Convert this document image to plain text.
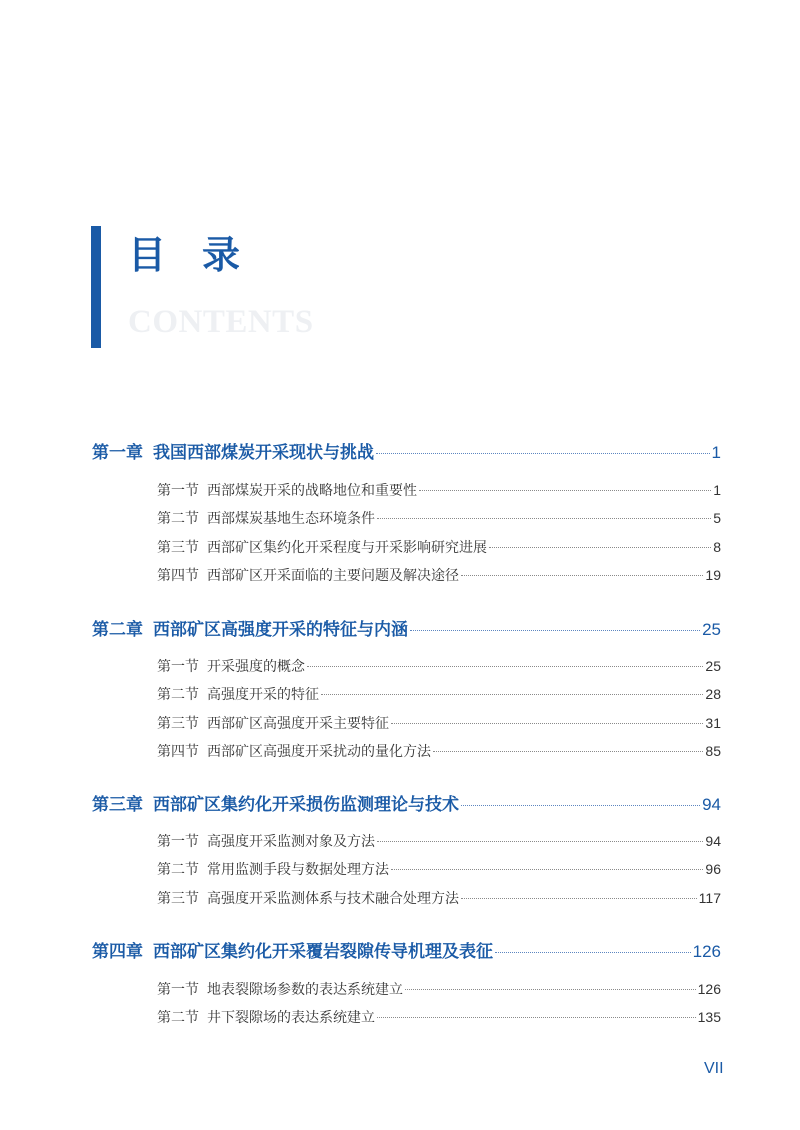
目录
CONTENTS
第一章 我国西部煤炭开采现状与挑战	1
第一节 西部煤炭开采的战略地位和重要性	1
第二节 西部煤炭基地生态环境条件	5
第三节 西部矿区集约化开采程度与开采影响研究进展	8
第四节 西部矿区开采面临的主要问题及解决途径	19
第二章 西部矿区高强度开采的特征与内涵	25
第一节 开采强度的概念	25
第二节 高强度开采的特征	28
第三节 西部矿区高强度开采主要特征	31
第四节 西部矿区高强度开采扰动的量化方法	85
第三章 西部矿区集约化开采损伤监测理论与技术	94
第一节 高强度开采监测对象及方法	94
第二节 常用监测手段与数据处理方法	96
第三节 高强度开采监测体系与技术融合处理方法	117
第四章 西部矿区集约化开采覆岩裂隙传导机理及表征	126
第一节 地表裂隙场参数的表达系统建立	126
第二节 井下裂隙场的表达系统建立	135
VII
